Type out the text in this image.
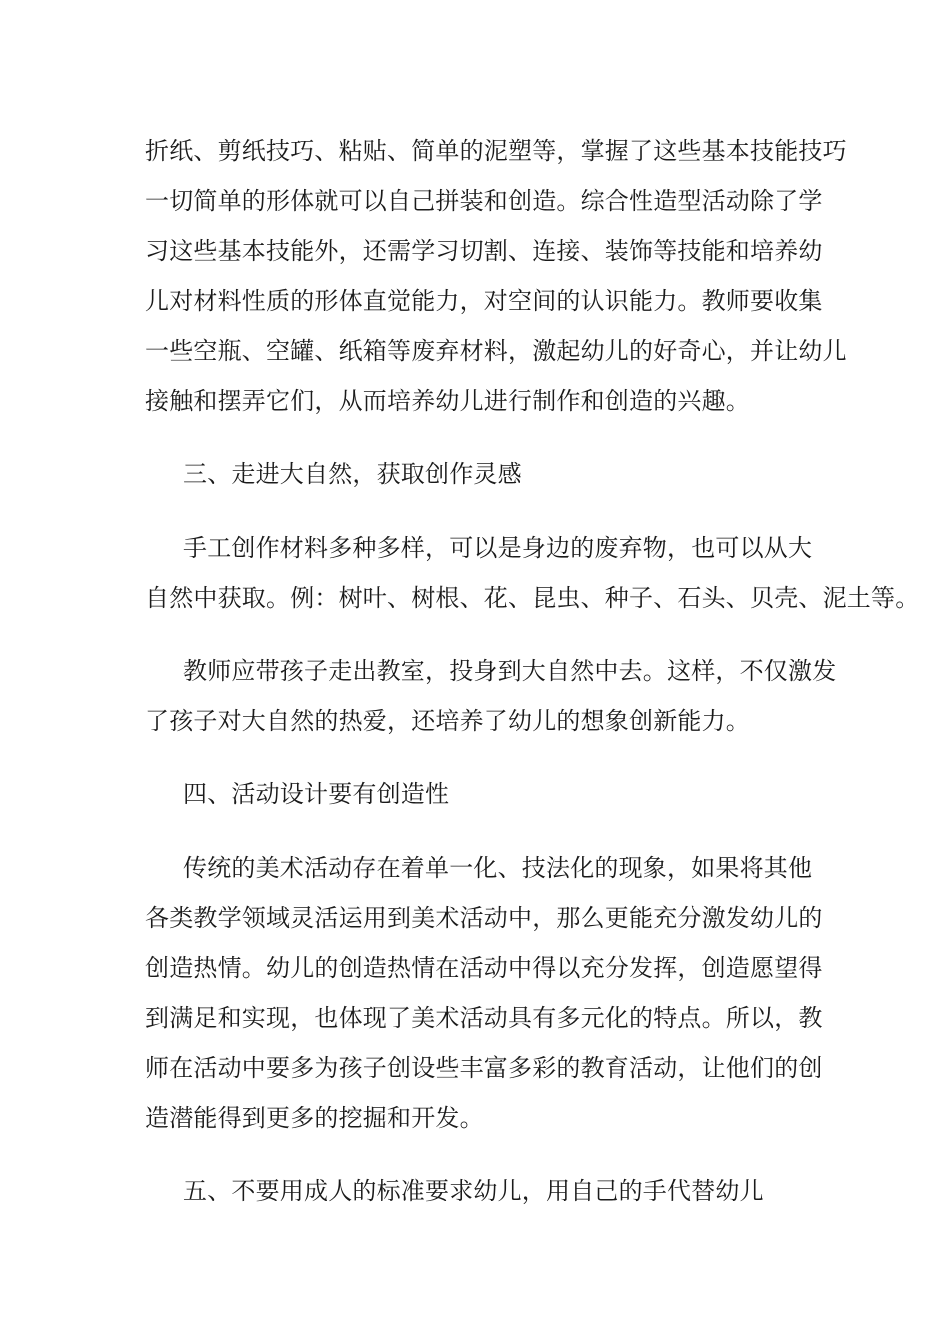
折纸、剪纸技巧、粘贴、简单的泥塑等，掌握了这些基本技能技巧
一切简单的形体就可以自己拼装和创造。综合性造型活动除了学
习这些基本技能外，还需学习切割、连接、装饰等技能和培养幼
儿对材料性质的形体直觉能力，对空间的认识能力。教师要收集
一些空瓶、空罐、纸箱等废弃材料，激起幼儿的好奇心，并让幼儿
接触和摆弄它们，从而培养幼儿进行制作和创造的兴趣。
三、走进大自然，获取创作灵感
手工创作材料多种多样，可以是身边的废弃物，也可以从大
自然中获取。例：树叶、树根、花、昆虫、种子、石头、贝壳、泥土等。
教师应带孩子走出教室，投身到大自然中去。这样，不仅激发
了孩子对大自然的热爱，还培养了幼儿的想象创新能力。
四、活动设计要有创造性
传统的美术活动存在着单一化、技法化的现象，如果将其他
各类教学领域灵活运用到美术活动中，那么更能充分激发幼儿的
创造热情。幼儿的创造热情在活动中得以充分发挥，创造愿望得
到满足和实现，也体现了美术活动具有多元化的特点。所以，教
师在活动中要多为孩子创设些丰富多彩的教育活动，让他们的创
造潜能得到更多的挖掘和开发。
五、不要用成人的标准要求幼儿，用自己的手代替幼儿
